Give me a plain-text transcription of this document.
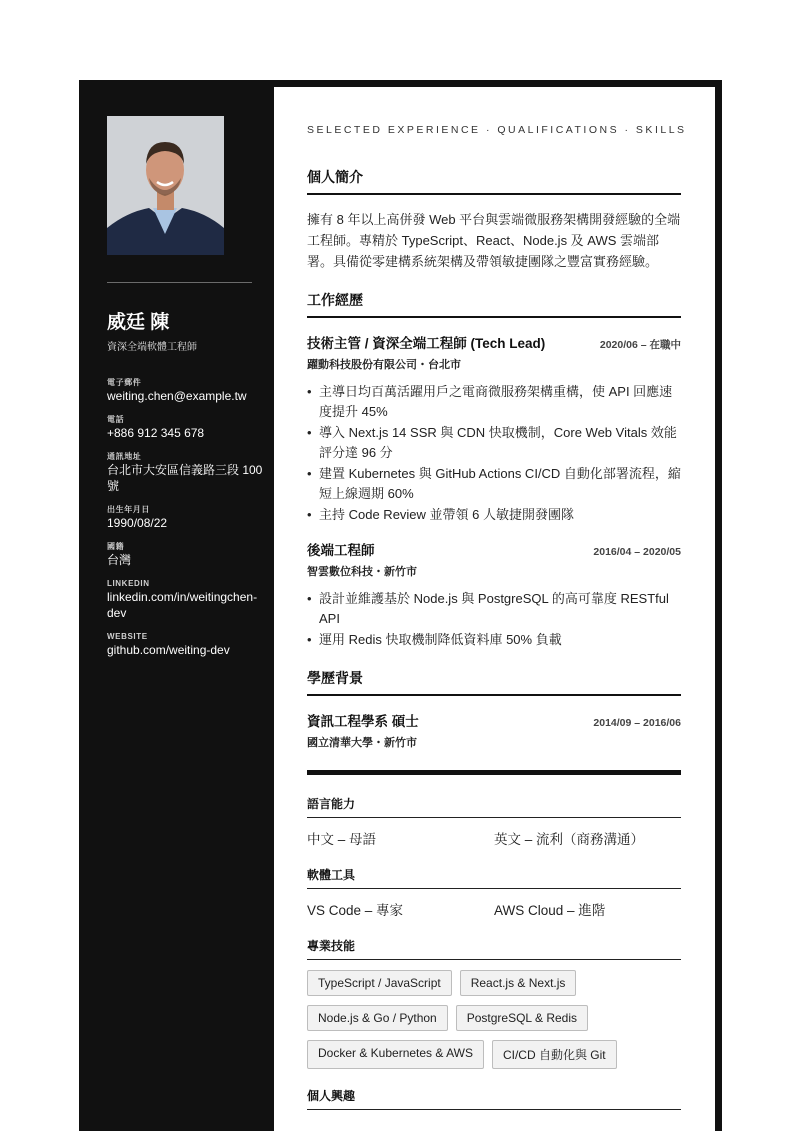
威廷 陳
資深全端軟體工程師
電子郵件
weiting.chen@example.tw
電話
+886 912 345 678
通訊地址
台北市大安區信義路三段 100 號
出生年月日
1990/08/22
國籍
台灣
LINKEDIN
linkedin.com/in/weitingchen-dev
WEBSITE
github.com/weiting-dev
SELECTED EXPERIENCE · QUALIFICATIONS · SKILLS
個人簡介

擁有 8 年以上高併發 Web 平台與雲端微服務架構開發經驗的全端工程師。專精於 TypeScript、React、Node.js 及 AWS 雲端部署。具備從零建構系統架構及帶領敏捷團隊之豐富實務經驗。

工作經歷
技術主管 / 資深全端工程師 (Tech Lead)	2020/06 – 在職中
躍動科技股份有限公司・台北市
• 主導日均百萬活躍用戶之電商微服務架構重構，使 API 回應速度提升 45%
• 導入 Next.js 14 SSR 與 CDN 快取機制，Core Web Vitals 效能評分達 96 分
• 建置 Kubernetes 與 GitHub Actions CI/CD 自動化部署流程，縮短上線週期 60%
• 主持 Code Review 並帶領 6 人敏捷開發團隊
後端工程師	2016/04 – 2020/05
智雲數位科技・新竹市
• 設計並維護基於 Node.js 與 PostgreSQL 的高可靠度 RESTful API
• 運用 Redis 快取機制降低資料庫 50% 負載
學歷背景
資訊工程學系 碩士	2014/09 – 2016/06
國立清華大學・新竹市
語言能力
中文 – 母語	英文 – 流利（商務溝通）
軟體工具
VS Code – 專家	AWS Cloud – 進階
專業技能
TypeScript / JavaScript	React.js & Next.js
Node.js & Go / Python	PostgreSQL & Redis
Docker & Kubernetes & AWS	CI/CD 自動化與 Git
個人興趣
